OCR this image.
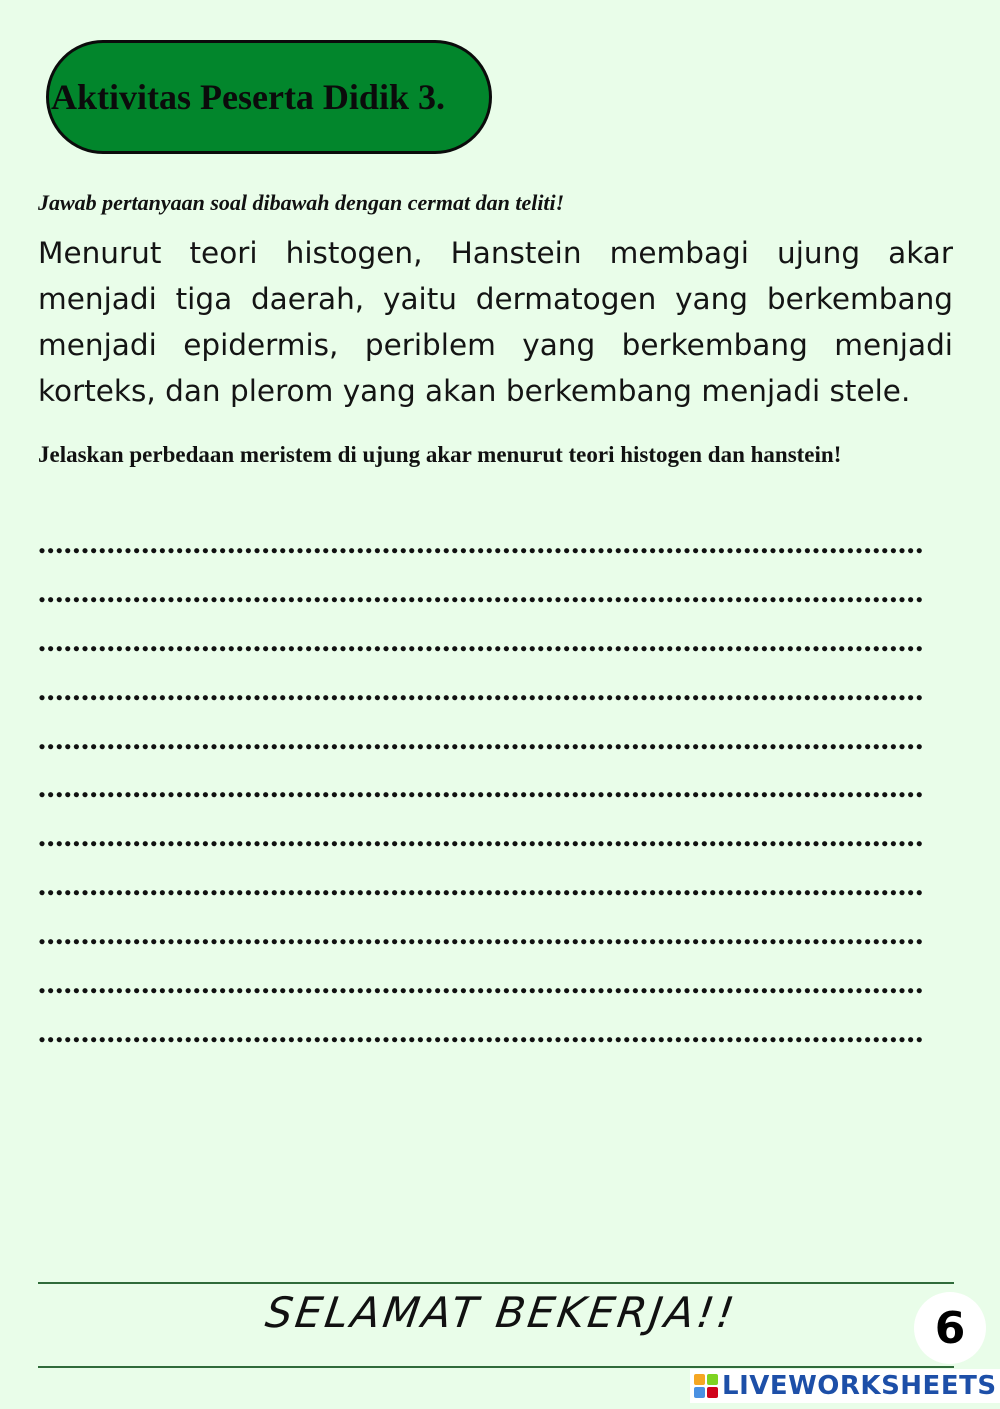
Aktivitas Peserta Didik 3.
Jawab pertanyaan soal dibawah dengan cermat dan teliti!

Menurut teori histogen, Hanstein membagi ujung akar menjadi tiga daerah, yaitu dermatogen yang berkembang menjadi epidermis, periblem yang berkembang menjadi korteks, dan plerom yang akan berkembang menjadi stele.

Jelaskan perbedaan meristem di ujung akar menurut teori histogen dan hanstein!
.......................................................................................................
.......................................................................................................
.......................................................................................................
.......................................................................................................
.......................................................................................................
.......................................................................................................
.......................................................................................................
.......................................................................................................
.......................................................................................................
.......................................................................................................
.......................................................................................................
SELAMAT BEKERJA!!	6
LIVEWORKSHEETS
